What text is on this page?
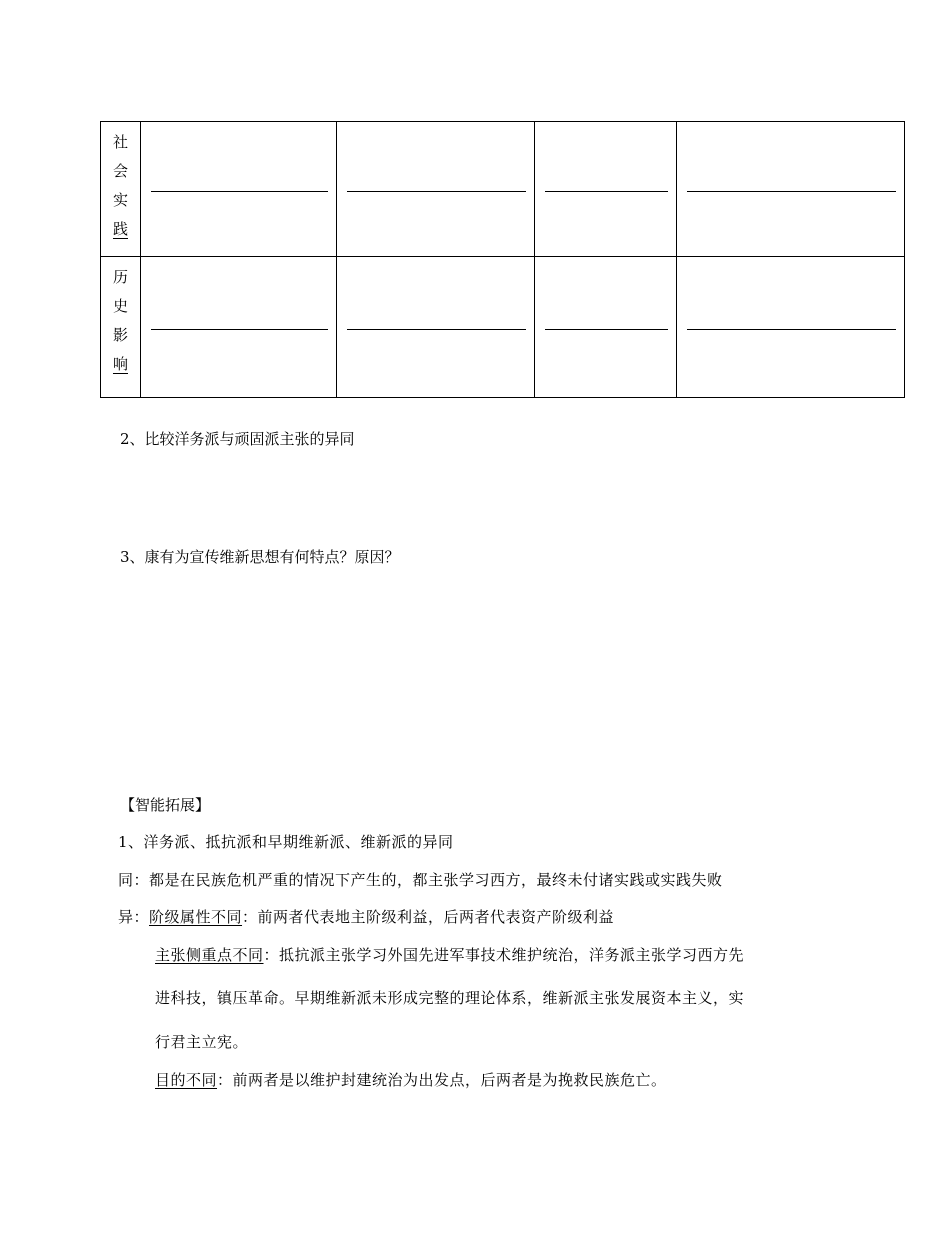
社
会
实
践				

历
史
影
响				

2、比较洋务派与顽固派主张的异同
3、康有为宣传维新思想有何特点？原因？
【智能拓展】
1、洋务派、抵抗派和早期维新派、维新派的异同
同：都是在民族危机严重的情况下产生的，都主张学习西方，最终未付诸实践或实践失败
异：阶级属性不同：前两者代表地主阶级利益，后两者代表资产阶级利益
主张侧重点不同：抵抗派主张学习外国先进军事技术维护统治，洋务派主张学习西方先
进科技，镇压革命。早期维新派未形成完整的理论体系，维新派主张发展资本主义，实
行君主立宪。
目的不同：前两者是以维护封建统治为出发点，后两者是为挽救民族危亡。
